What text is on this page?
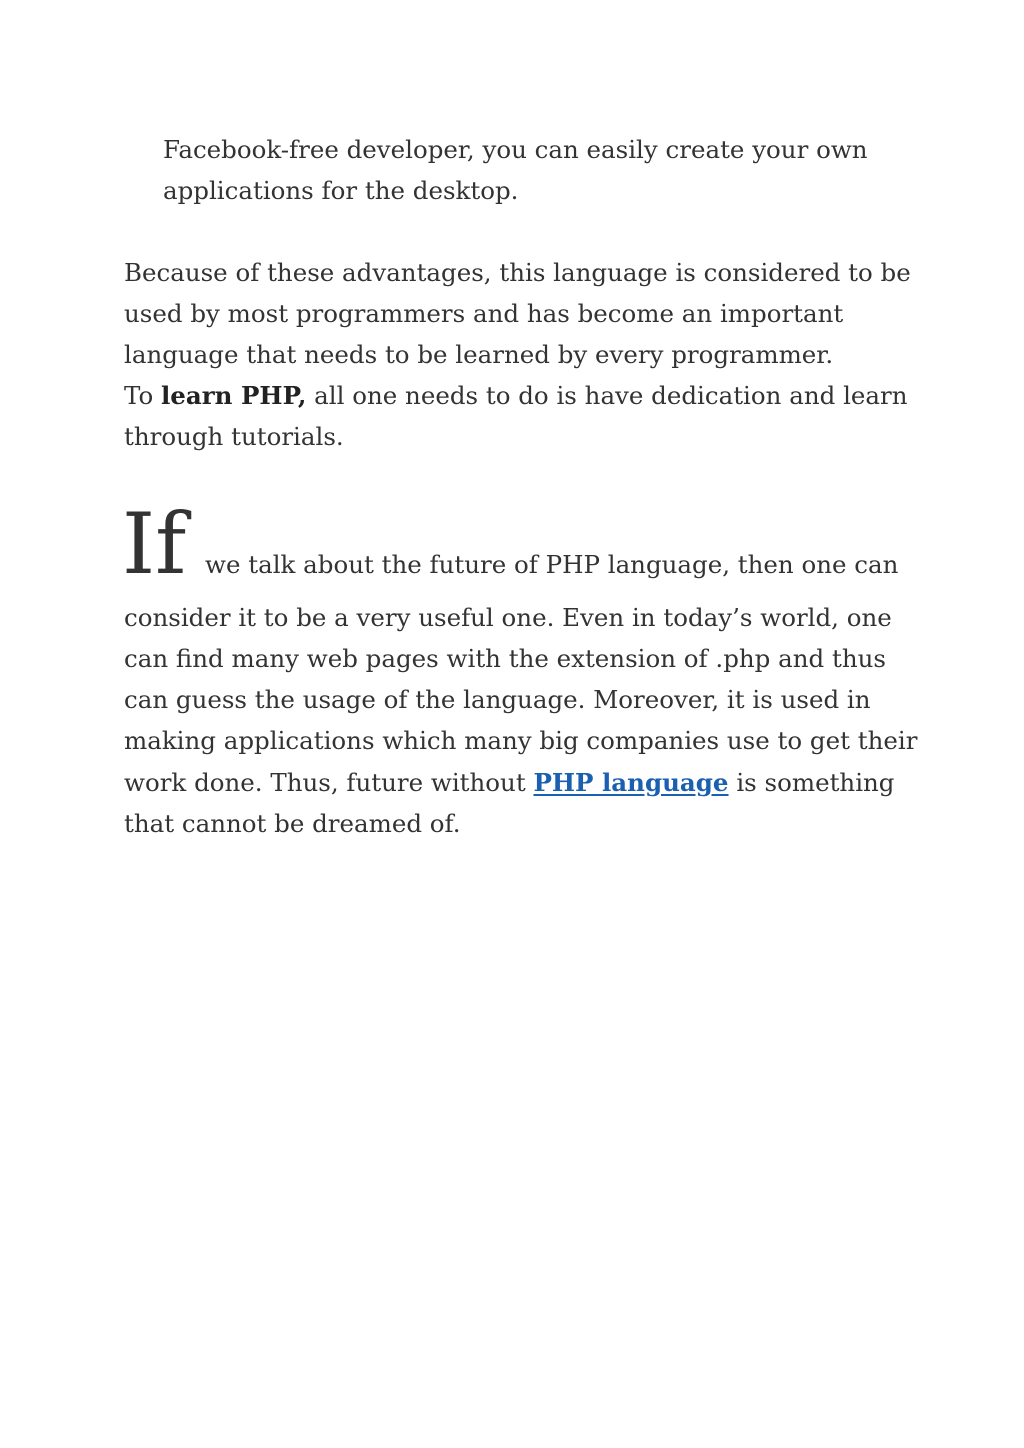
Facebook-free developer, you can easily create your own
applications for the desktop.
Because of these advantages, this language is considered to be
used by most programmers and has become an important
language that needs to be learned by every programmer.
To learn PHP, all one needs to do is have dedication and learn
through tutorials.
If we talk about the future of PHP language, then one can
consider it to be a very useful one. Even in today’s world, one
can find many web pages with the extension of .php and thus
can guess the usage of the language. Moreover, it is used in
making applications which many big companies use to get their
work done. Thus, future without PHP language is something
that cannot be dreamed of.
